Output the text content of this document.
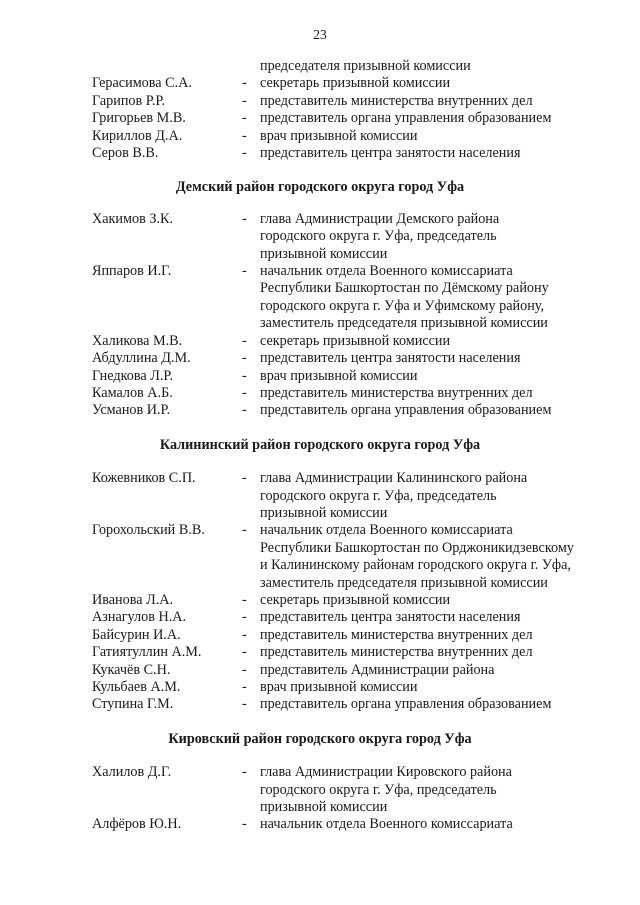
23
председателя призывной комиссии
Герасимова С.А.	- секретарь призывной комиссии
Гарипов Р.Р.	- представитель министерства внутренних дел
Григорьев М.В.	- представитель органа управления образованием
Кириллов Д.А.	- врач призывной комиссии
Серов В.В.	- представитель центра занятости населения
Демский район городского округа город Уфа
Хакимов З.К.	- глава Администрации Демского района
городского округа г. Уфа, председатель
призывной комиссии
Яппаров И.Г.	- начальник отдела Военного комиссариата
Республики Башкортостан по Дёмскому району
городского округа г. Уфа и Уфимскому району,
заместитель председателя призывной комиссии
Халикова М.В.	- секретарь призывной комиссии
Абдуллина Д.М.	- представитель центра занятости населения
Гнедкова Л.Р.	- врач призывной комиссии
Камалов А.Б.	- представитель министерства внутренних дел
Усманов И.Р.	- представитель органа управления образованием
Калининский район городского округа город Уфа
Кожевников С.П.	- глава Администрации Калининского района
городского округа г. Уфа, председатель
призывной комиссии
Горохольский В.В.	- начальник отдела Военного комиссариата
Республики Башкортостан по Орджоникидзевскому
и Калининскому районам городского округа г. Уфа,
заместитель председателя призывной комиссии
Иванова Л.А.	- секретарь призывной комиссии
Азнагулов Н.А.	- представитель центра занятости населения
Байсурин И.А.	- представитель министерства внутренних дел
Гатиятуллин А.М.	- представитель министерства внутренних дел
Кукачёв С.Н.	- представитель Администрации района
Кульбаев А.М.	- врач призывной комиссии
Ступина Г.М.	- представитель органа управления образованием
Кировский район городского округа город Уфа
Халилов Д.Г.	- глава Администрации Кировского района
городского округа г. Уфа, председатель
призывной комиссии
Алфёров Ю.Н.	- начальник отдела Военного комиссариата
